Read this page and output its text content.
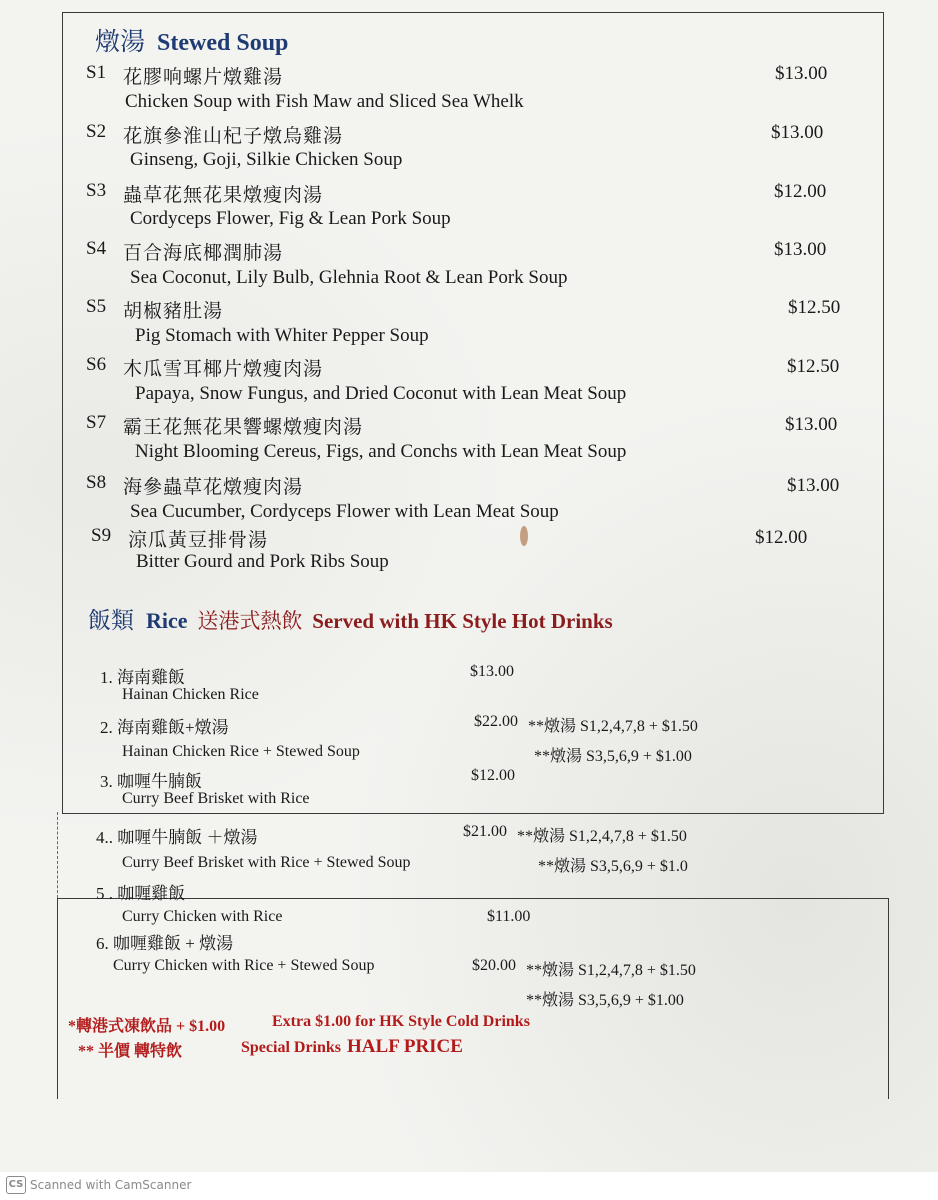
燉湯 Stewed Soup
S1 花膠响螺片燉雞湯
Chicken Soup with Fish Maw and Sliced Sea Whelk
$13.00
S2 花旗參淮山杞子燉烏雞湯
Ginseng, Goji, Silkie Chicken Soup
$13.00
S3 蟲草花無花果燉瘦肉湯
Cordyceps Flower, Fig & Lean Pork Soup
$12.00
S4 百合海底椰潤肺湯
Sea Coconut, Lily Bulb, Glehnia Root & Lean Pork Soup
$13.00
S5 胡椒豬肚湯
Pig Stomach with Whiter Pepper Soup
$12.50
S6 木瓜雪耳椰片燉瘦肉湯
Papaya, Snow Fungus, and Dried Coconut with Lean Meat Soup
$12.50
S7 霸王花無花果響螺燉瘦肉湯
Night Blooming Cereus, Figs, and Conchs with Lean Meat Soup
$13.00
S8 海參蟲草花燉瘦肉湯
Sea Cucumber, Cordyceps Flower with Lean Meat Soup
$13.00
S9 涼瓜黃豆排骨湯
Bitter Gourd and Pork Ribs Soup
$12.00
飯類 Rice 送港式熱飲 Served with HK Style Hot Drinks
1. 海南雞飯	$13.00
Hainan Chicken Rice
2. 海南雞飯+燉湯	$22.00 **燉湯 S1,2,4,7,8 + $1.50
Hainan Chicken Rice + Stewed Soup	**燉湯 S3,5,6,9 + $1.00
3. 咖喱牛腩飯	$12.00
Curry Beef Brisket with Rice
4.. 咖喱牛腩飯 ＋燉湯	$21.00 **燉湯 S1,2,4,7,8 + $1.50
Curry Beef Brisket with Rice + Stewed Soup	**燉湯 S3,5,6,9 + $1.0
5 . 咖喱雞飯
Curry Chicken with Rice	$11.00
6. 咖喱雞飯 + 燉湯
Curry Chicken with Rice + Stewed Soup	$20.00 **燉湯 S1,2,4,7,8 + $1.50
**燉湯 S3,5,6,9 + $1.00
*轉港式凍飲品 + $1.00	Extra $1.00 for HK Style Cold Drinks
** 半價 轉特飲	Special Drinks HALF PRICE
CS Scanned with CamScanner
